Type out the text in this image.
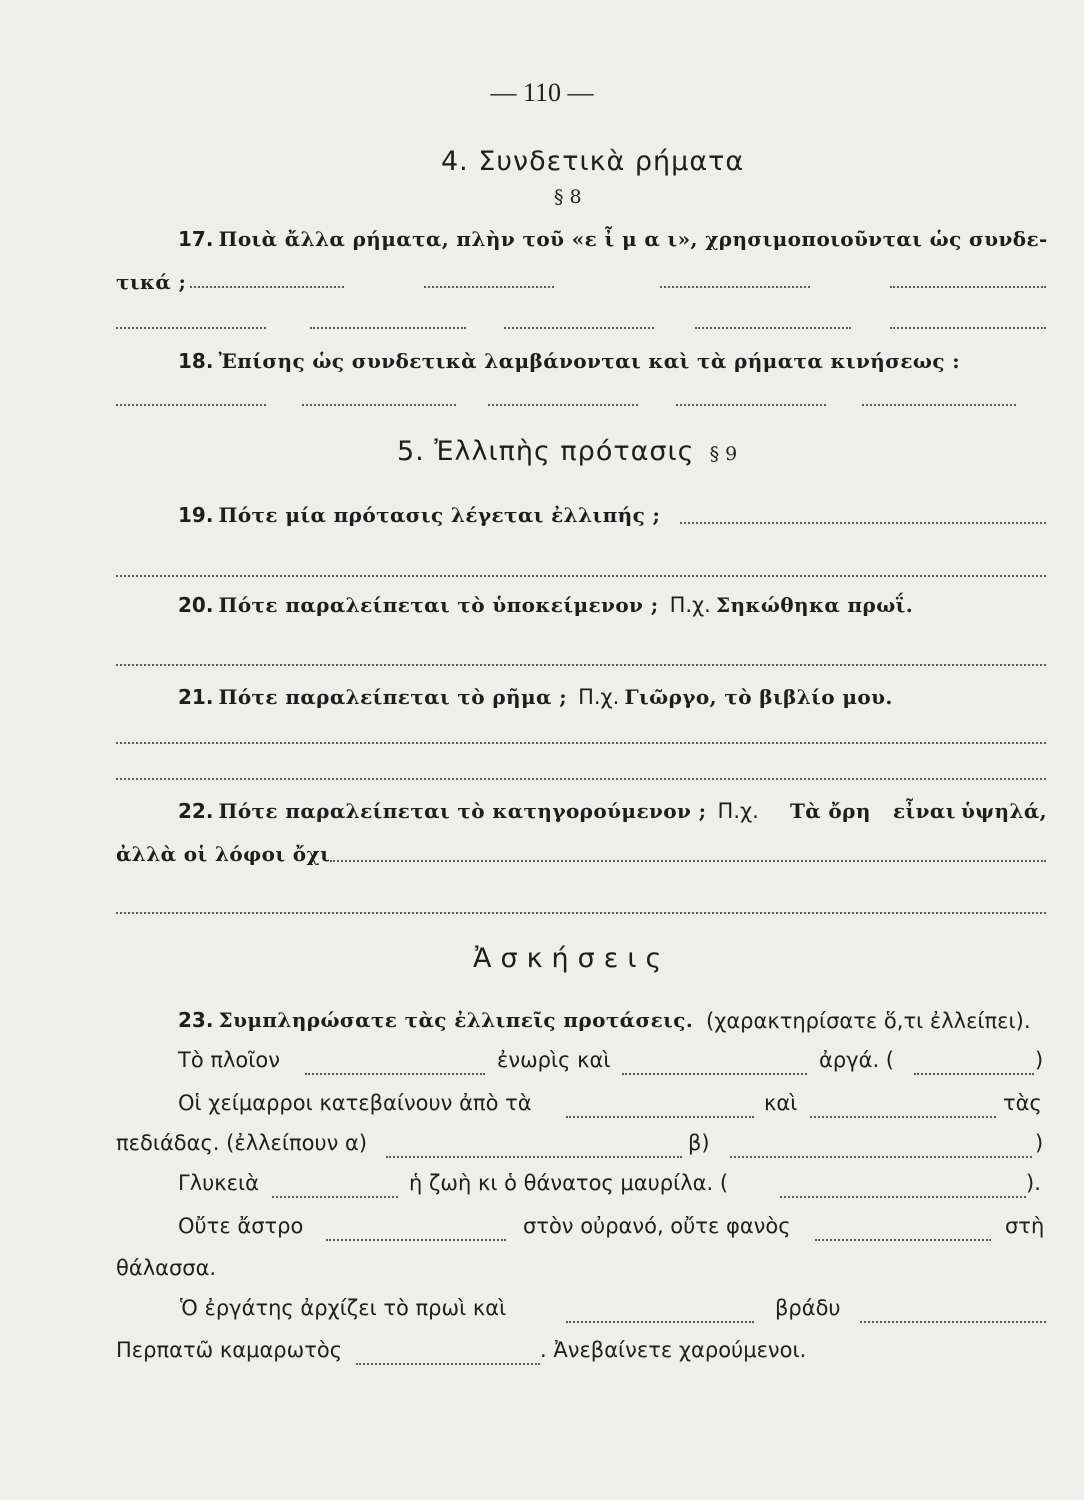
— 110 —
4. Συνδετικὰ ρήματα
§ 8
17. Ποιὰ ἄλλα ρήματα, πλὴν τοῦ «ε ἶ μ α ι», χρησιμοποιοῦνται ὡς συνδε-
τικά ;
18. Ἐπίσης ὡς συνδετικὰ λαμβάνονται καὶ τὰ ρήματα κινήσεως :
5. Ἐλλιπὴς πρότασις § 9
19. Πότε μία πρότασις λέγεται ἐλλιπής ;
20. Πότε παραλείπεται τὸ ὑποκείμενον ; Π.χ. Σηκώθηκα πρωΐ.
21. Πότε παραλείπεται τὸ ρῆμα ; Π.χ. Γιῶργο, τὸ βιβλίο μου.
22. Πότε παραλείπεται τὸ κατηγορούμενον ; Π.χ. Τὰ ὄρη εἶναι ὑψηλά,
ἀλλὰ οἱ λόφοι ὄχι
Ἀσκήσεις
23. Συμπληρώσατε τὰς ἐλλιπεῖς προτάσεις. (χαρακτηρίσατε ὅ,τι ἐλλείπει).
Τὸ πλοῖον	ἐνωρὶς καὶ	ἀργά. (	)
Οἱ χείμαρροι κατεβαίνουν ἀπὸ τὰ	καὶ	τὰς
πεδιάδας. (ἐλλείπουν α)	β)	)
Γλυκειὰ	ἡ ζωὴ κι ὁ θάνατος μαυρίλα. (	).
Οὔτε ἄστρο	στὸν οὐρανό, οὔτε φανὸς	στὴ
θάλασσα.
Ὁ ἐργάτης ἀρχίζει τὸ πρωὶ καὶ	βράδυ
Περπατῶ καμαρωτὸς	. Ἀνεβαίνετε χαρούμενοι.
